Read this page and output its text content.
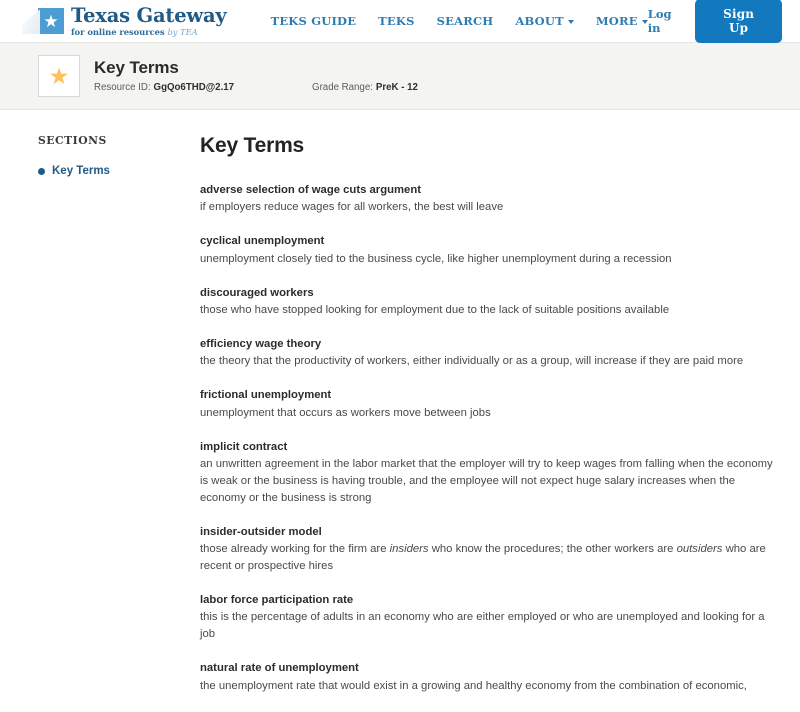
★ Texas Gateway
for online resources by TEA
TEKS GUIDE TEKS SEARCH ABOUT	MORE Log in
Sign Up
★ Key Terms
Resource ID: GgQo6THD@2.17	Grade Range: PreK - 12
SECTIONS
Key Terms
Key Terms
adverse selection of wage cuts argument
if employers reduce wages for all workers, the best will leave
cyclical unemployment
unemployment closely tied to the business cycle, like higher unemployment during a recession
discouraged workers
those who have stopped looking for employment due to the lack of suitable positions available
efficiency wage theory
the theory that the productivity of workers, either individually or as a group, will increase if they are paid more
frictional unemployment
unemployment that occurs as workers move between jobs
implicit contract
an unwritten agreement in the labor market that the employer will try to keep wages from falling when the economy is weak or the business is having trouble, and the employee will not expect huge salary increases when the economy or the business is strong
insider-outsider model
those already working for the firm are insiders who know the procedures; the other workers are outsiders who are recent or prospective hires
labor force participation rate
this is the percentage of adults in an economy who are either employed or who are unemployed and looking for a job
natural rate of unemployment
the unemployment rate that would exist in a growing and healthy economy from the combination of economic,
